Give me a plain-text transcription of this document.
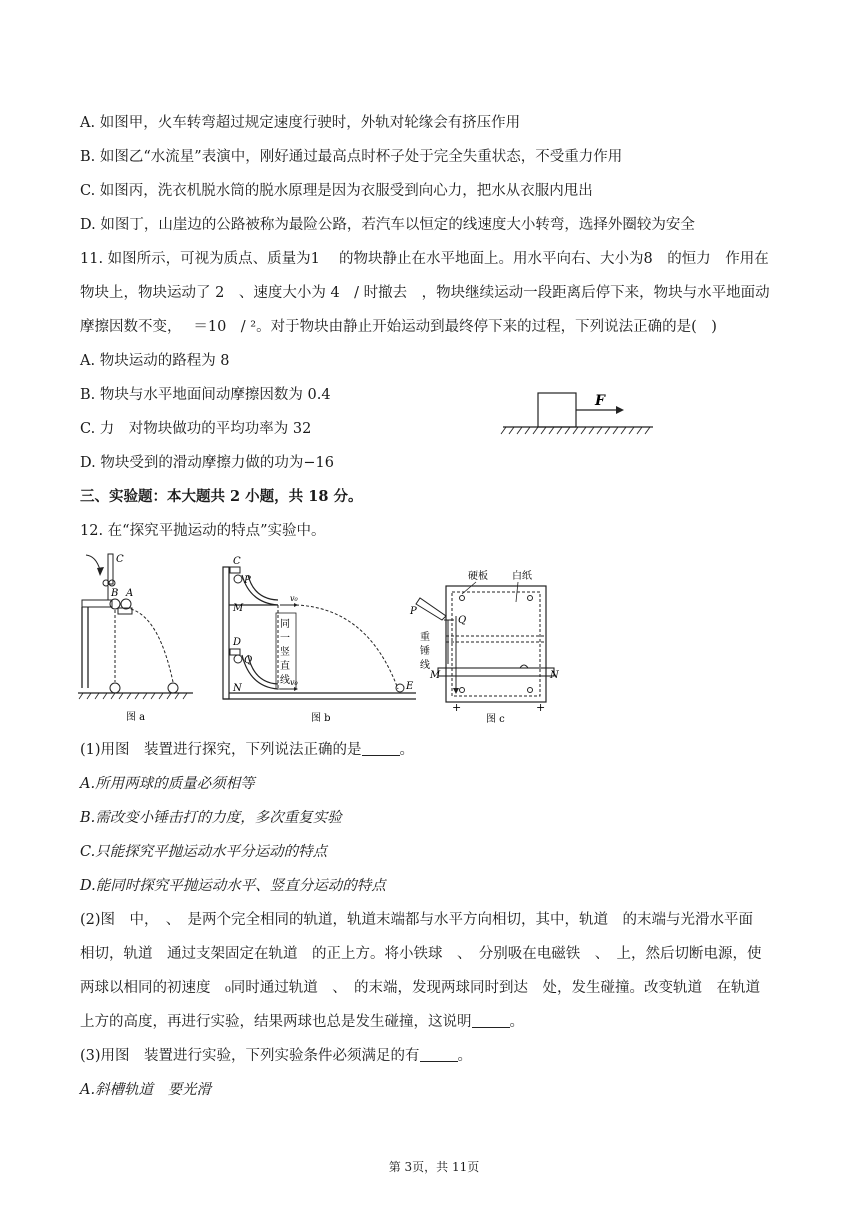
A. 如图甲，火车转弯超过规定速度行驶时，外轨对轮缘会有挤压作用
B. 如图乙“水流星”表演中，刚好通过最高点时杯子处于完全失重状态，不受重力作用
C. 如图丙，洗衣机脱水筒的脱水原理是因为衣服受到向心力，把水从衣服内甩出
D. 如图丁，山崖边的公路被称为最险公路，若汽车以恒定的线速度大小转弯，选择外圈较为安全
11. 如图所示，可视为质点、质量为1　 的物块静止在水平地面上。用水平向右、大小为8　的恒力　作用在
物块上，物块运动了 2　、速度大小为 4　/ 时撤去　，物块继续运动一段距离后停下来，物块与水平地面动
摩擦因数不变，　 ＝10　/ ²。对于物块由静止开始运动到最终停下来的过程，下列说法正确的是(　)
A. 物块运动的路程为 8
B. 物块与水平地面间动摩擦因数为 0.4
C. 力　对物块做功的平均功率为 32
D. 物块受到的滑动摩擦力做的功为−16
F
三、实验题：本大题共 2 小题，共 18 分。
12. 在“探究平抛运动的特点”实验中。
C
B A
图 a
C
P
M
D
Q
N
同
一
竖
直
线
v₀
v₀	E
图 b
硬板 白纸
P
Q
重
锤
线
M	N
+	+
图 c
(1)用图　装置进行探究，下列说法正确的是	。
A.所用两球的质量必须相等
B.需改变小锤击打的力度，多次重复实验
C.只能探究平抛运动水平分运动的特点
D.能同时探究平抛运动水平、竖直分运动的特点
(2)图　中，　、　是两个完全相同的轨道，轨道末端都与水平方向相切，其中，轨道　的末端与光滑水平面
相切，轨道　通过支架固定在轨道　的正上方。将小铁球　、　分别吸在电磁铁　、　上，然后切断电源，使
两球以相同的初速度　₀同时通过轨道　、　的末端，发现两球同时到达　处，发生碰撞。改变轨道　在轨道
上方的高度，再进行实验，结果两球也总是发生碰撞，这说明	。
(3)用图　装置进行实验，下列实验条件必须满足的有	。
A.斜槽轨道　要光滑
第 3页，共 11页
